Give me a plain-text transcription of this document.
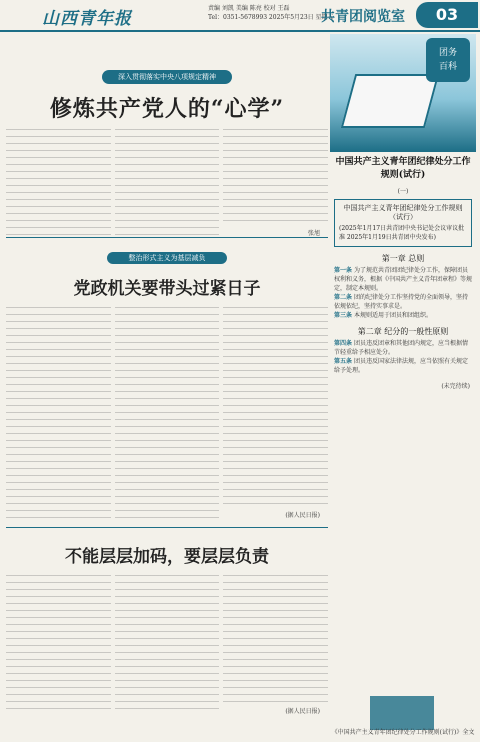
山西青年报
责编 刘凯 美编 陈亮 校对 王磊
Tel：0351-5678993 2025年5月23日 星期五
共青团阅览室	03
深入贯彻落实中央八项规定精神
修炼共产党人的“心学”
张旭
整治形式主义为基层减负
党政机关要带头过紧日子
(据人民日报)
不能层层加码，要层层负责
(据人民日报)
团务
百科
中国共产主义青年团纪律处分工作规则(试行)
(一)
中国共产主义青年团纪律处分工作规则（试行）
(2025年1月17日共青团中央书记处会议审议批准 2025年1月19日共青团中央发布)
第一章 总则
第一条 为了规范共青团团纪律处分工作，保障团员权利和义务，根据《中国共产主义青年团章程》等规定，制定本规则。
第二条 团的纪律处分工作坚持党的全面领导，坚持依规依纪，坚持实事求是。
第三条 本规则适用于团员和团组织。
第二章 纪分的一般性原则
第四条 团员违反团章和其他团内规定，应当根据情节轻重给予相应处分。
第五条 团员违反国家法律法规，应当依照有关规定给予处理。
(未完待续)
《中国共产主义青年团纪律处分工作规则(试行)》全文
